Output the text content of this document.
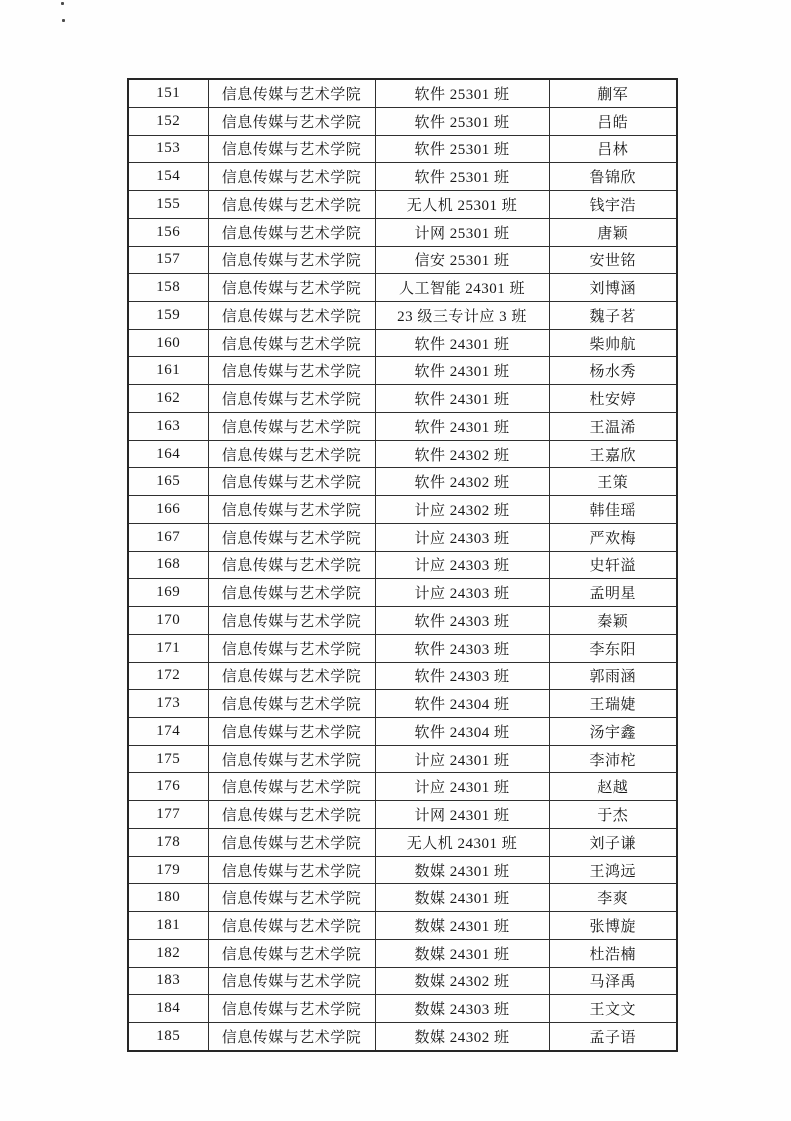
151	信息传媒与艺术学院	软件 25301 班	蒯军
152	信息传媒与艺术学院	软件 25301 班	吕皓
153	信息传媒与艺术学院	软件 25301 班	吕林
154	信息传媒与艺术学院	软件 25301 班	鲁锦欣
155	信息传媒与艺术学院	无人机 25301 班	钱宇浩
156	信息传媒与艺术学院	计网 25301 班	唐颖
157	信息传媒与艺术学院	信安 25301 班	安世铭
158	信息传媒与艺术学院	人工智能 24301 班	刘博涵
159	信息传媒与艺术学院	23 级三专计应 3 班	魏子茗
160	信息传媒与艺术学院	软件 24301 班	柴帅航
161	信息传媒与艺术学院	软件 24301 班	杨水秀
162	信息传媒与艺术学院	软件 24301 班	杜安婷
163	信息传媒与艺术学院	软件 24301 班	王温浠
164	信息传媒与艺术学院	软件 24302 班	王嘉欣
165	信息传媒与艺术学院	软件 24302 班	王策
166	信息传媒与艺术学院	计应 24302 班	韩佳瑶
167	信息传媒与艺术学院	计应 24303 班	严欢梅
168	信息传媒与艺术学院	计应 24303 班	史轩溢
169	信息传媒与艺术学院	计应 24303 班	孟明星
170	信息传媒与艺术学院	软件 24303 班	秦颖
171	信息传媒与艺术学院	软件 24303 班	李东阳
172	信息传媒与艺术学院	软件 24303 班	郭雨涵
173	信息传媒与艺术学院	软件 24304 班	王瑞婕
174	信息传媒与艺术学院	软件 24304 班	汤宇鑫
175	信息传媒与艺术学院	计应 24301 班	李沛柁
176	信息传媒与艺术学院	计应 24301 班	赵越
177	信息传媒与艺术学院	计网 24301 班	于杰
178	信息传媒与艺术学院	无人机 24301 班	刘子谦
179	信息传媒与艺术学院	数媒 24301 班	王鸿远
180	信息传媒与艺术学院	数媒 24301 班	李爽
181	信息传媒与艺术学院	数媒 24301 班	张博旋
182	信息传媒与艺术学院	数媒 24301 班	杜浩楠
183	信息传媒与艺术学院	数媒 24302 班	马泽禹
184	信息传媒与艺术学院	数媒 24303 班	王文文
185	信息传媒与艺术学院	数媒 24302 班	孟子语
